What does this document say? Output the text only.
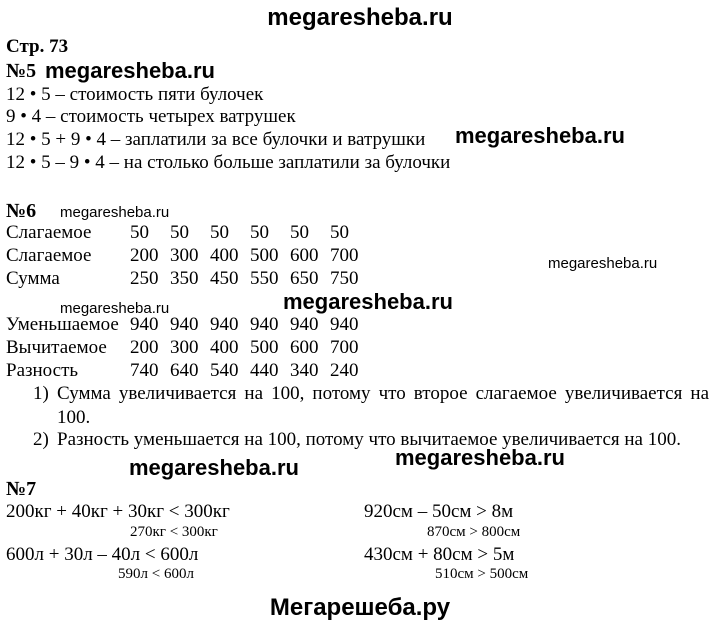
megaresheba.ru
Стр. 73
№5 megaresheba.ru
12 • 5 – стоимость пяти булочек
9 • 4 – стоимость четырех ватрушек
12 • 5 + 9 • 4 – заплатили за все булочки и ватрушки megaresheba.ru
12 • 5 – 9 • 4 – на столько больше заплатили за булочки
№6 megaresheba.ru
Слагаемое	50	50	50	50	50	50
Слагаемое	200	300	400	500	600	700
Сумма	250	350	450	550	650	750
megaresheba.ru
megaresheba.ru	megaresheba.ru
Уменьшаемое	940	940	940	940	940	940
Вычитаемое	200	300	400	500	600	700
Разность	740	640	540	440	340	240
1) Сумма увеличивается на 100, потому что второе слагаемое увеличивается на 100.
2) Разность уменьшается на 100, потому что вычитаемое увеличивается на 100.
megaresheba.ru	megaresheba.ru
№7
200кг + 40кг + 30кг < 300кг
270кг < 300кг
600л + 30л – 40л < 600л
590л < 600л
920см – 50см > 8м
870см > 800см
430см + 80см > 5м
510см > 500см
Мегарешеба.ру
